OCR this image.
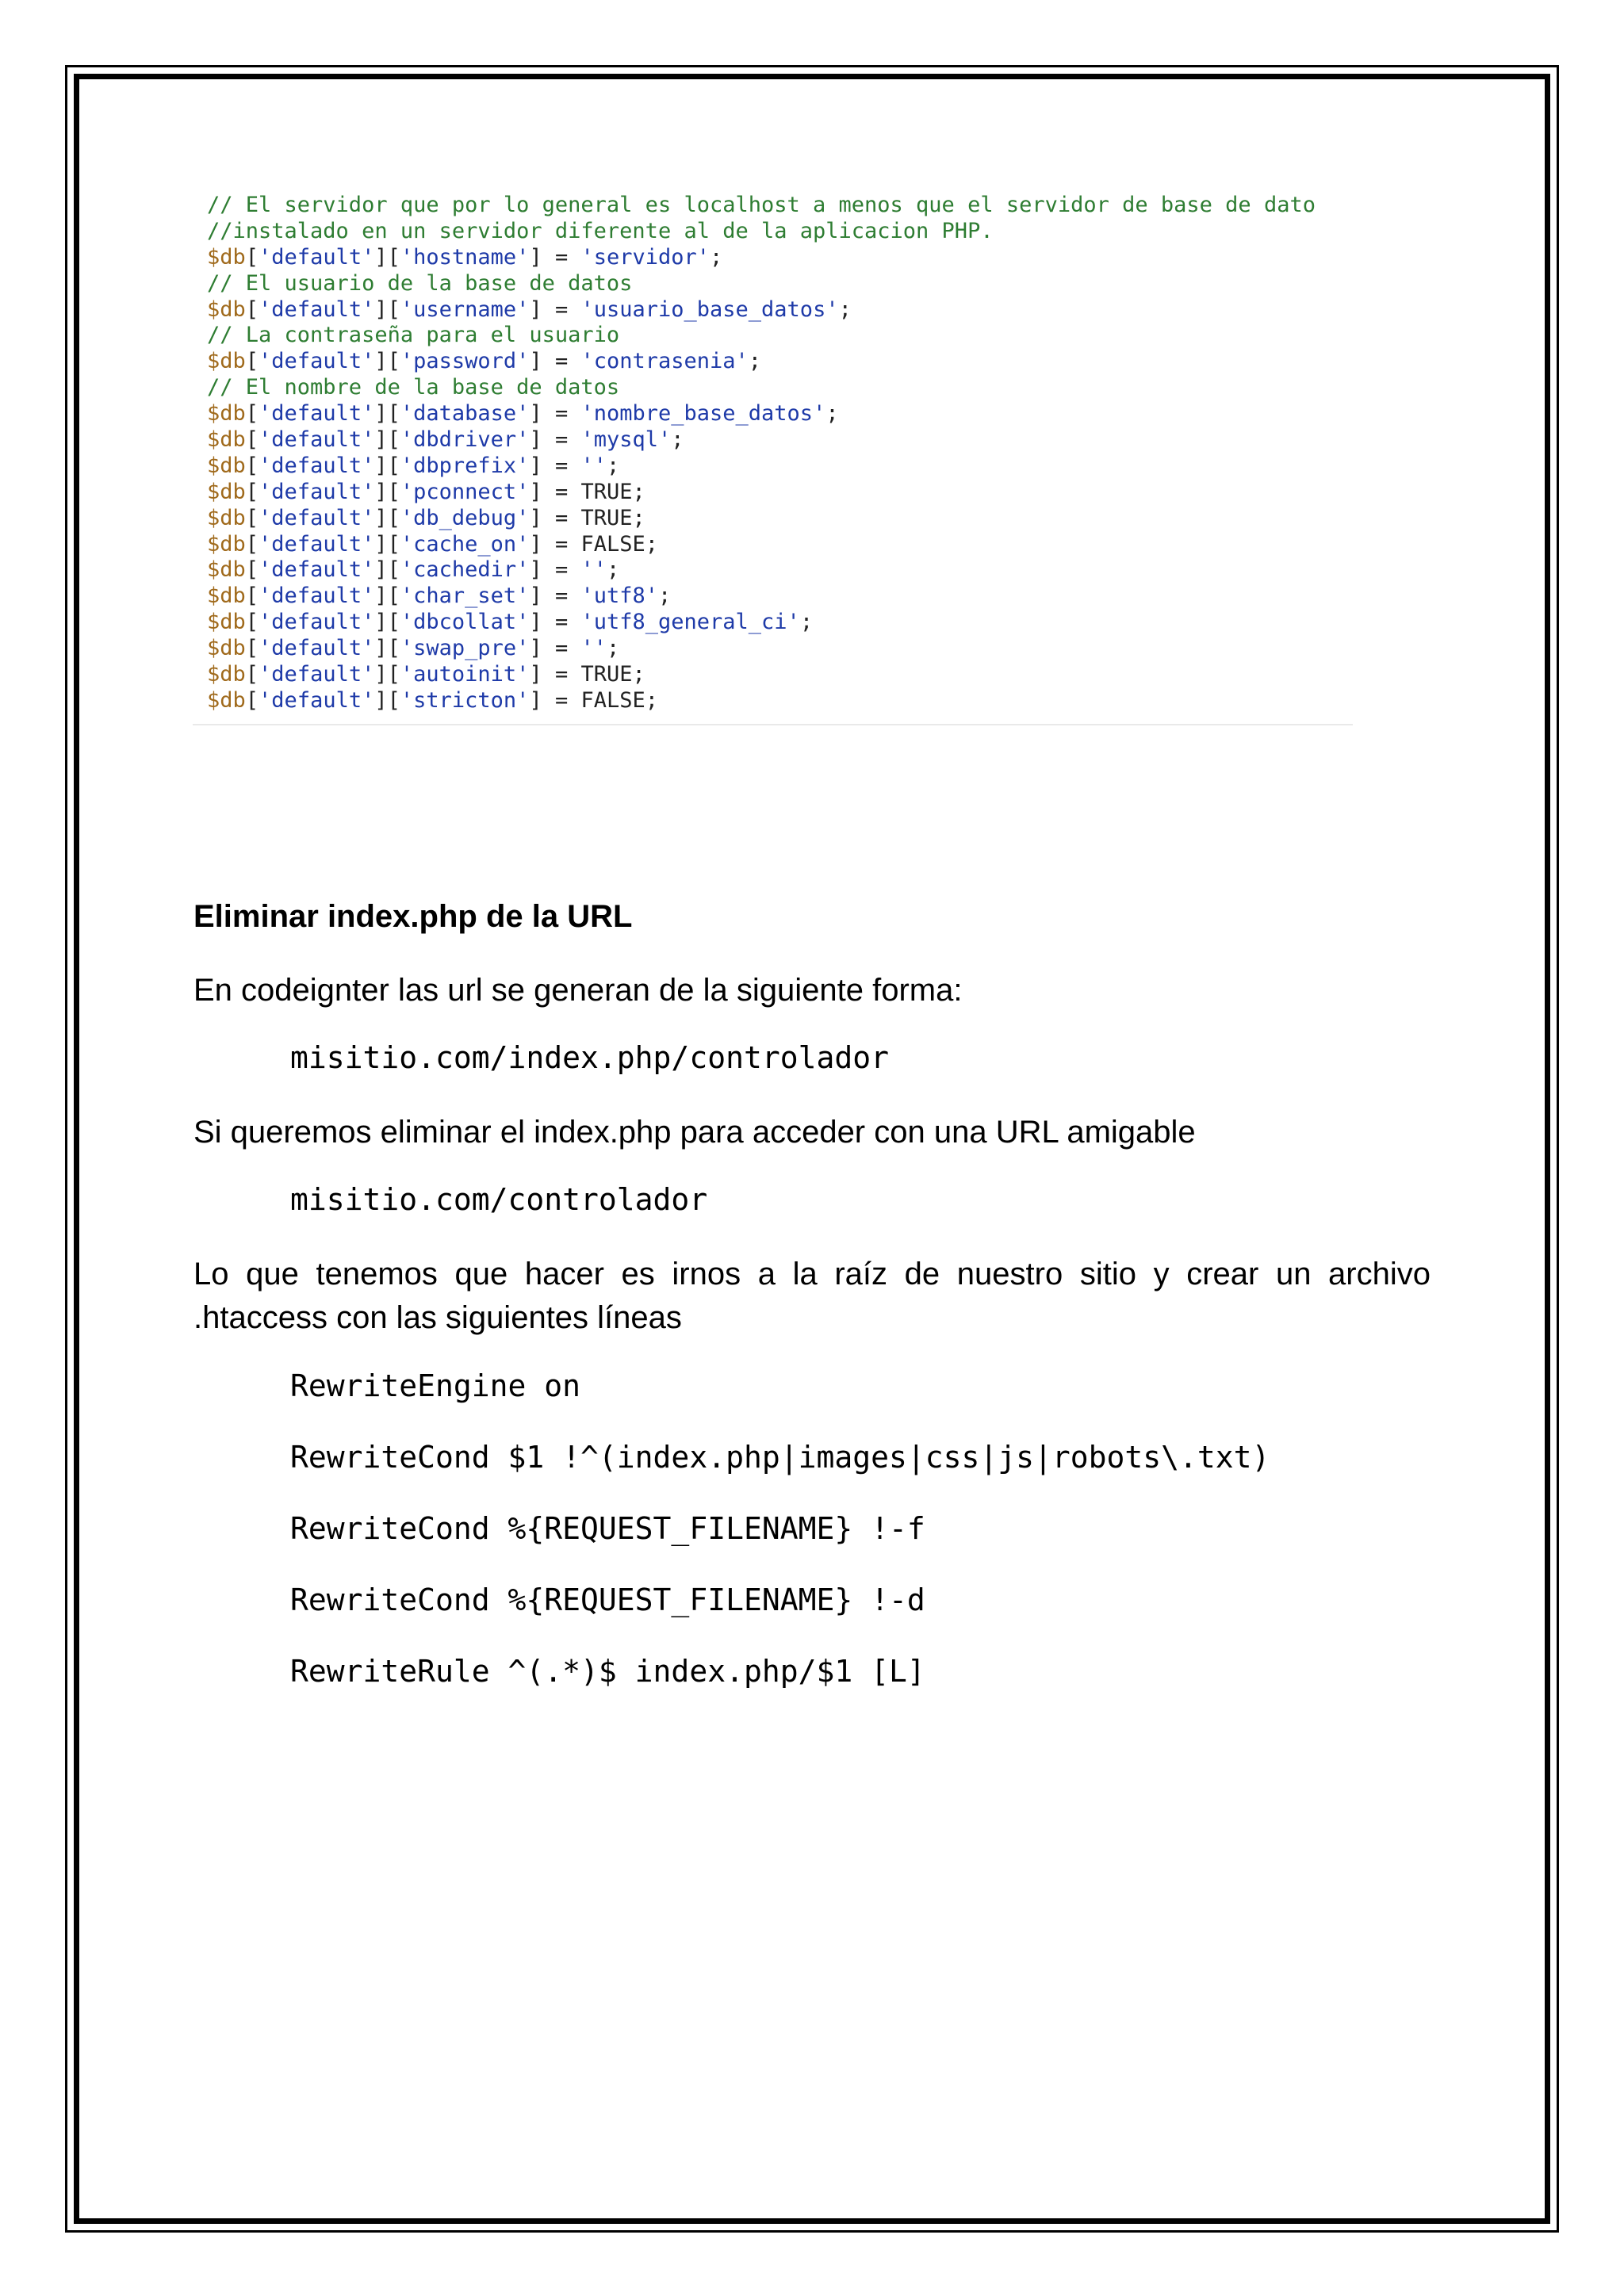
// El servidor que por lo general es localhost a menos que el servidor de base de dato
//instalado en un servidor diferente al de la aplicacion PHP.
$db['default']['hostname'] = 'servidor';
// El usuario de la base de datos
$db['default']['username'] = 'usuario_base_datos';
// La contraseña para el usuario
$db['default']['password'] = 'contrasenia';
// El nombre de la base de datos
$db['default']['database'] = 'nombre_base_datos';
$db['default']['dbdriver'] = 'mysql';
$db['default']['dbprefix'] = '';
$db['default']['pconnect'] = TRUE;
$db['default']['db_debug'] = TRUE;
$db['default']['cache_on'] = FALSE;
$db['default']['cachedir'] = '';
$db['default']['char_set'] = 'utf8';
$db['default']['dbcollat'] = 'utf8_general_ci';
$db['default']['swap_pre'] = '';
$db['default']['autoinit'] = TRUE;
$db['default']['stricton'] = FALSE;
Eliminar index.php de la URL

En codeignter las url se generan de la siguiente forma:

misitio.com/index.php/controlador

Si queremos eliminar el index.php para acceder con una URL amigable

misitio.com/controlador

Lo que tenemos que hacer es irnos a la raíz de nuestro sitio y crear un archivo .htaccess con las siguientes líneas

RewriteEngine on
RewriteCond $1 !^(index.php|images|css|js|robots\.txt)
RewriteCond %{REQUEST_FILENAME} !-f
RewriteCond %{REQUEST_FILENAME} !-d
RewriteRule ^(.*)$ index.php/$1 [L]
